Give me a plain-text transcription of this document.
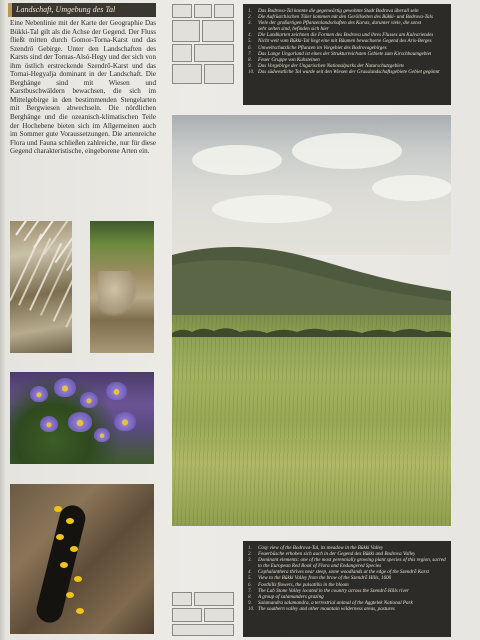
Landschaft, Umgebung des Tal
Eine Nebenlinie mit der Karte der Geographie Das Bükki-Tal gilt als die Achse der Gegend. Der Fluss fließt mitten durch Gomor-Torna-Karst und das Szendrő Gebirge. Unter den Landschaften des Karsts sind der Tornas-Alsó-Hegy und der sich von ihm östlich erstreckende Szendrő-Karst und das Tornai-Hegyalja dominant in der Landschaft. Die Berghänge sind mit Wiesen und Karstbuschwäldern bewachsen, die sich im Mittelgebirge in den bestimmenden Stengelarten mit Bergwiesen abwechseln. Die nördlichen Berghänge und die ozeanisch-klimatischen Teile der Hochebene bieten sich im Allgemeinen auch im Sommer gute Voraussetzungen. Die artenreiche Flora und Fauna schließen zahlreiche, nur für diese Gegend charakteristische, eingeborene Arten ein.
1.	Das Bodrova-Tal konnte die gegenwärtig gewohnte Stadt Bodrova überall sein
2.	Die Aufrüstchischen Täler kommen mit den Geröllseiten des Bükki- und Bodrova-Tals
3.	Viele der großartigen Pflanzenlandschaften des Karsts, darunter viele, die sonst
sehr selten sind, befinden sich hier
4.	Die Landkarten zeichnen die Formen des Bodrova und ihres Flusses am Kalvariendes
5.	Nicht weit vom Bükki-Tal liegt eine mit Bäumen bewachsene Gegend des Aris-Berges
6.	Umweltschutzliche Pflanzen im Vorgebiet des Bodrovagebirges
7.	Das Lange Ungarland ist eines der Strukturreichsten Gebiete zum Kirschbaumgebiet
8.	Feuer Gruppe von Kuhsteinen
9.	Das Vorgebirge der Ungarischen Nationalparks der Naturschutzgebiete
10. Das südwestliche Tal wurde seit den Wiesen der Grasslandschaftsgebiete Gebiet gegönnt
1.	Cosy view of the Bodrova-Tal, its meadow in the Bükki Valley
2.	Feuerbüsche erhoben sich auch in der Gegend des Bükki and Bodrova Valley
3.	Dominant elements: one of the most perennially growing plant species of this region, sacred
to the European Red Book of Flora and Endangered Species
4.	Cephalanthera thrives near steep, some woodlands at the edge of the Szendrő Karst
5.	View to the Bükki Valley from the brow of the Szendrő Hills, 1600
6.	Foothills flowers, the pulsatilla in the bloom
7.	The Lab Stone Valley located in the country across the Szendrő Hills river
8.	A group of salamanders grazing
9.	Salamandra salamandra, a terrestrial animal of the Aggtelek National Park
10. The southern valley and other mountain wilderness areas, pastures
